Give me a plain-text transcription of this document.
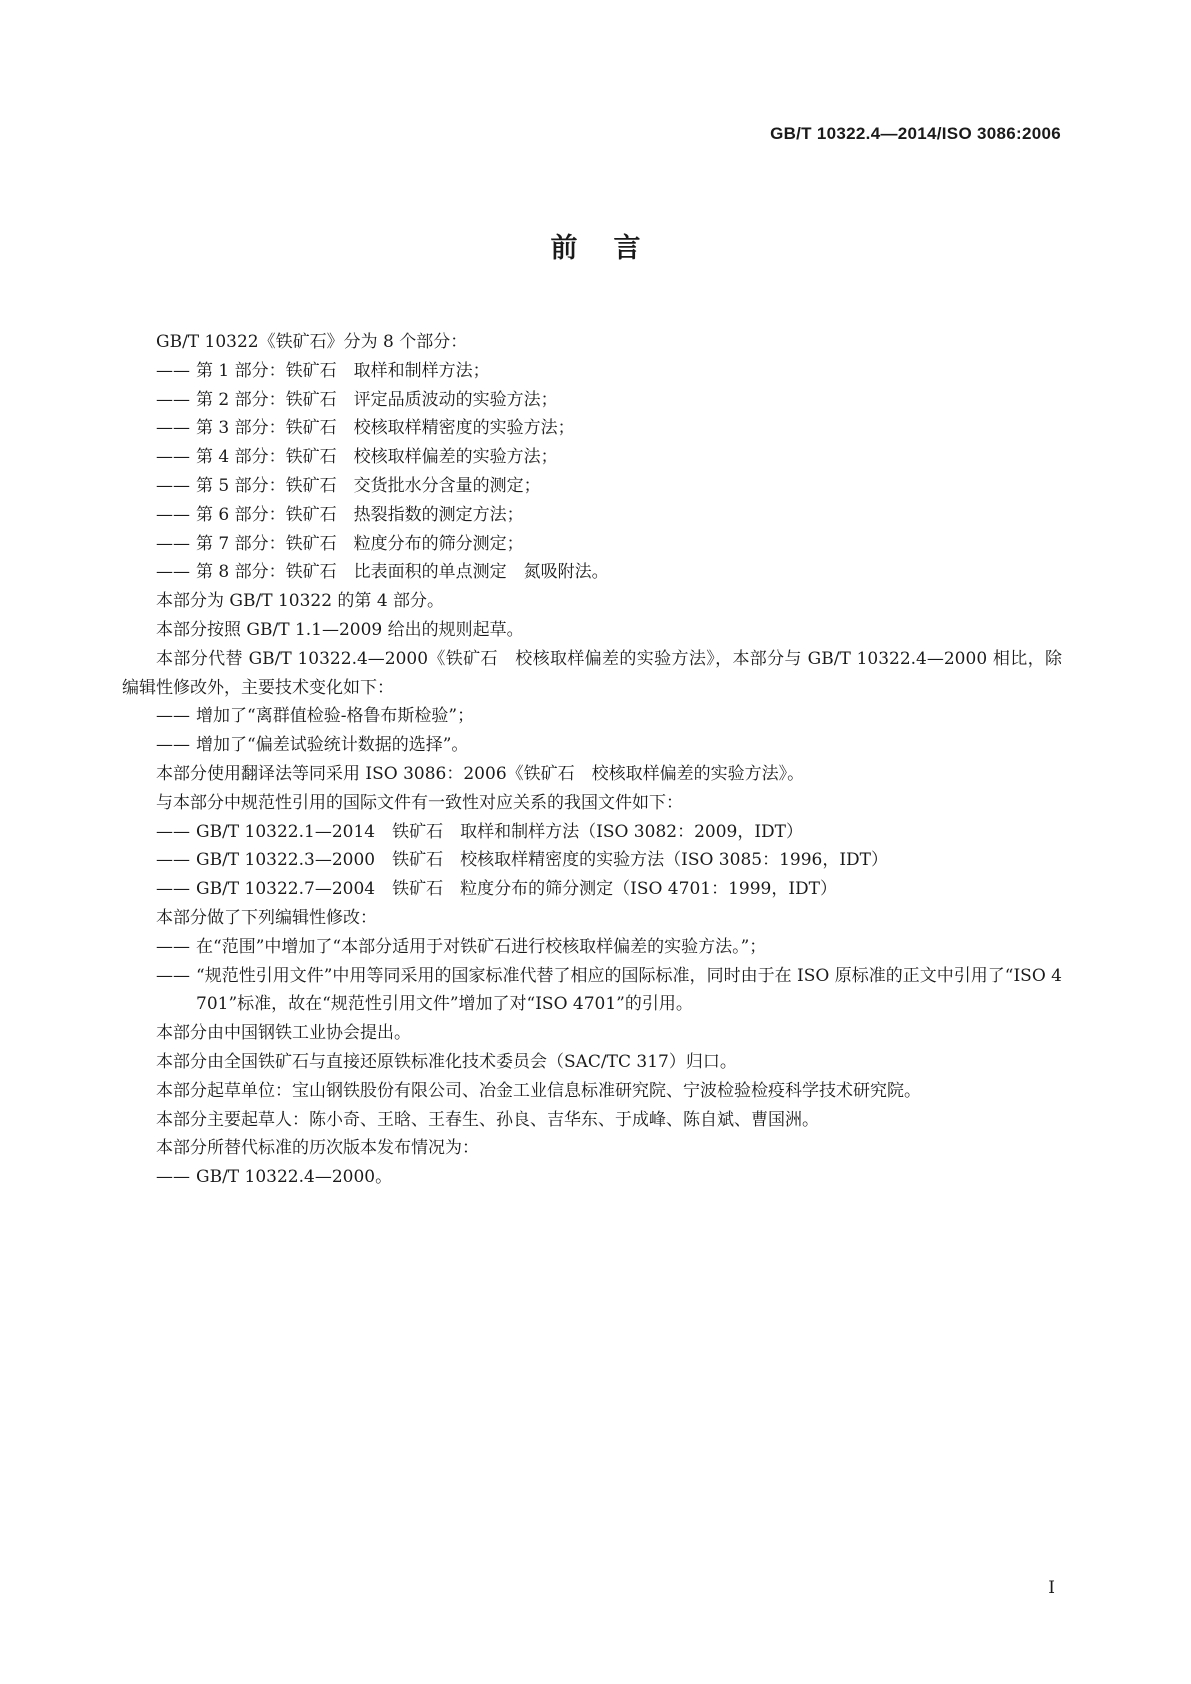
GB/T 10322.4—2014/ISO 3086:2006
前言

GB/T 10322《铁矿石》分为 8 个部分：

—— 第 1 部分：铁矿石　取样和制样方法；

—— 第 2 部分：铁矿石　评定品质波动的实验方法；

—— 第 3 部分：铁矿石　校核取样精密度的实验方法；

—— 第 4 部分：铁矿石　校核取样偏差的实验方法；

—— 第 5 部分：铁矿石　交货批水分含量的测定；

—— 第 6 部分：铁矿石　热裂指数的测定方法；

—— 第 7 部分：铁矿石　粒度分布的筛分测定；

—— 第 8 部分：铁矿石　比表面积的单点测定　氮吸附法。

本部分为 GB/T 10322 的第 4 部分。

本部分按照 GB/T 1.1—2009 给出的规则起草。

本部分代替 GB/T 10322.4—2000《铁矿石　校核取样偏差的实验方法》，本部分与 GB/T 10322.4—2000 相比，除编辑性修改外，主要技术变化如下：

—— 增加了“离群值检验-格鲁布斯检验”；

—— 增加了“偏差试验统计数据的选择”。

本部分使用翻译法等同采用 ISO 3086：2006《铁矿石　校核取样偏差的实验方法》。

与本部分中规范性引用的国际文件有一致性对应关系的我国文件如下：

—— GB/T 10322.1—2014　铁矿石　取样和制样方法（ISO 3082：2009，IDT）

—— GB/T 10322.3—2000　铁矿石　校核取样精密度的实验方法（ISO 3085：1996，IDT）

—— GB/T 10322.7—2004　铁矿石　粒度分布的筛分测定（ISO 4701：1999，IDT）

本部分做了下列编辑性修改：

—— 在“范围”中增加了“本部分适用于对铁矿石进行校核取样偏差的实验方法。”；

—— “规范性引用文件”中用等同采用的国家标准代替了相应的国际标准，同时由于在 ISO 原标准的正文中引用了“ISO 4701”标准，故在“规范性引用文件”增加了对“ISO 4701”的引用。

本部分由中国钢铁工业协会提出。

本部分由全国铁矿石与直接还原铁标准化技术委员会（SAC/TC 317）归口。

本部分起草单位：宝山钢铁股份有限公司、冶金工业信息标准研究院、宁波检验检疫科学技术研究院。

本部分主要起草人：陈小奇、王晗、王春生、孙良、吉华东、于成峰、陈自斌、曹国洲。

本部分所替代标准的历次版本发布情况为：

—— GB/T 10322.4—2000。

I
